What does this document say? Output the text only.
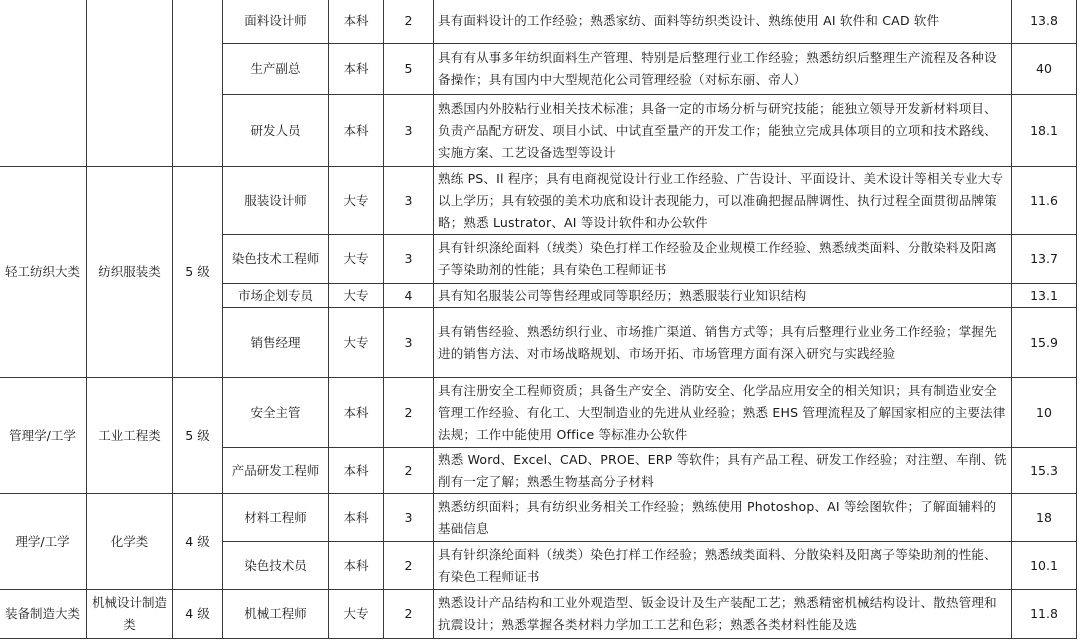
			面料设计师	本科	2	具有面料设计的工作经验；熟悉家纺、面料等纺织类设计、熟练使用 AI 软件和 CAD 软件	13.8
			生产副总	本科	5	具有有从事多年纺织面料生产管理、特别是后整理行业工作经验；熟悉纺织后整理生产流程及各种设备操作；具有国内中大型规范化公司管理经验（对标东丽、帝人）	40
			研发人员	本科	3	熟悉国内外胶粘行业相关技术标准；具备一定的市场分析与研究技能；能独立领导开发新材料项目、负责产品配方研发、项目小试、中试直至量产的开发工作；能独立完成具体项目的立项和技术路线、实施方案、工艺设备选型等设计	18.1
轻工纺织大类	纺织服装类	5 级	服装设计师	大专	3	熟练 PS、Il 程序；具有电商视觉设计行业工作经验、广告设计、平面设计、美术设计等相关专业大专以上学历；具有较强的美术功底和设计表现能力，可以准确把握品牌调性、执行过程全面贯彻品牌策略；熟悉 Lustrator、AI 等设计软件和办公软件	11.6
			染色技术工程师	大专	3	具有针织涤纶面料（绒类）染色打样工作经验及企业规模工作经验、熟悉绒类面料、分散染料及阳离子等染助剂的性能；具有染色工程师证书	13.7
			市场企划专员	大专	4	具有知名服装公司等售经理或同等职经历；熟悉服装行业知识结构	13.1
			销售经理	大专	3	具有销售经验、熟悉纺织行业、市场推广渠道、销售方式等；具有后整理行业业务工作经验；掌握先进的销售方法、对市场战略规划、市场开拓、市场管理方面有深入研究与实践经验	15.9
管理学/工学	工业工程类	5 级	安全主管	本科	2	具有注册安全工程师资质；具备生产安全、消防安全、化学品应用安全的相关知识；具有制造业安全管理工作经验、有化工、大型制造业的先进从业经验；熟悉 EHS 管理流程及了解国家相应的主要法律法规；工作中能使用 Office 等标准办公软件	10
			产品研发工程师	本科	2	熟悉 Word、Excel、CAD、PROE、ERP 等软件；具有产品工程、研发工作经验；对注塑、车削、铣削有一定了解；熟悉生物基高分子材料	15.3
理学/工学	化学类	4 级	材料工程师	本科	3	熟悉纺织面料；具有纺织业务相关工作经验；熟练使用 Photoshop、AI 等绘图软件；了解面辅料的基础信息	18
			染色技术员	本科	2	具有针织涤纶面料（绒类）染色打样工作经验；熟悉绒类面料、分散染料及阳离子等染助剂的性能、有染色工程师证书	10.1
装备制造大类	机械设计制造类	4 级	机械工程师	大专	2	熟悉设计产品结构和工业外观造型、钣金设计及生产装配工艺；熟悉精密机械结构设计、散热管理和抗震设计；熟悉掌握各类材料力学加工工艺和色彩；熟悉各类材料性能及选	11.8
